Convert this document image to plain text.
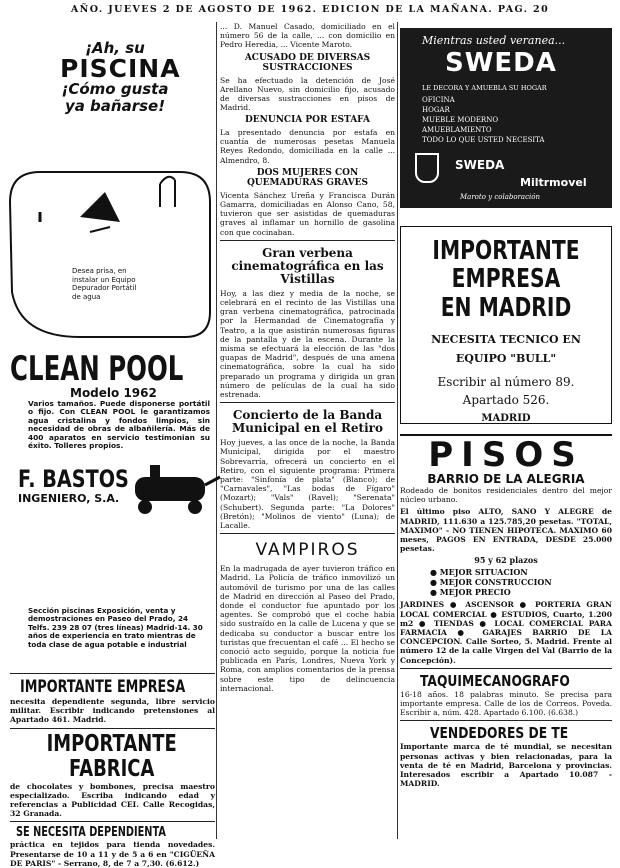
AÑO. JUEVES 2 DE AGOSTO DE 1962. EDICION DE LA MAÑANA. PAG. 20
¡Ah, su
PISCINA
¡Cómo gusta
ya bañarse!
Desea prisa, en instalar un Equipo Depurador Portátil de agua
CLEAN POOL
Modelo 1962
Varios tamaños. Puede disponerse portátil o fijo. Con CLEAN POOL le garantizamos agua cristalina y fondos limpios, sin necesidad de obras de albañilería. Más de 400 aparatos en servicio testimonian su éxito. Tolleres propios.
F. BASTOS
INGENIERO, S.A.
Sección piscinas Exposición, venta y demostraciones en Paseo del Prado, 24 Telfs. 239 28 07 (tres líneas) Madrid-14. 30 años de experiencia en trato mientras de toda clase de agua potable e industrial
IMPORTANTE EMPRESA
necesita dependiente segunda, libre servicio militar. Escribir indicando pretensiones al Apartado 461. Madrid.
IMPORTANTE FABRICA
de chocolates y bombones, precisa maestro especializado. Escriba indicando edad y referencias a Publicidad CEI. Calle Recogidas, 32 Granada.
SE NECESITA DEPENDIENTA
práctica en tejidos para tienda novedades. Presentarse de 10 a 11 y de 5 a 6 en "CIGÜEÑA DE PARIS" - Serrano, 8, de 7 a 7,30. (6.612.)
... D. Manuel Casado, domiciliado en el número 56 de la calle, ... con domicilio en Pedro Heredia, ... Vicente Maroto.
ACUSADO DE DIVERSAS SUSTRACCIONES
Se ha efectuado la detención de José Arellano Nuevo, sin domicilio fijo, acusado de diversas sustracciones en pisos de Madrid.
DENUNCIA POR ESTAFA
La presentado denuncia por estafa en cuantía de numerosas pesetas Manuela Reyes Redondo, domiciliada en la calle ... Almendro, 8.
DOS MUJERES CON QUEMADURAS GRAVES
Vicenta Sánchez Ureña y Francisca Durán Gamarra, domiciliadas en Alonso Cano, 58, tuvieron que ser asistidas de quemaduras graves al inflamar un hornillo de gasolina con que cocinaban.
Gran verbena cinematográfica en las Vistillas
Hoy, a las diez y media de la noche, se celebrará en el recinto de las Vistillas una gran verbena cinematográfica, patrocinada por la Hermandad de Cinematografía y Teatro, a la que asistirán numerosas figuras de la pantalla y de la escena. Durante la misma se efectuará la elección de las "dos guapas de Madrid", después de una amena cinematográfica, sobre la cual ha sido preparado un programa y dirigida un gran número de películas de la cual ha sido estrenada.
Concierto de la Banda Municipal en el Retiro
Hoy jueves, a las once de la noche, la Banda Municipal, dirigida por el maestro Sobrevarría, ofrecerá un concierto en el Retiro, con el siguiente programa: Primera parte: "Sinfonía de plata" (Blanco); de "Carnavales", "Las bodas de Fígaro" (Mozart); "Vals" (Ravel); "Serenata" (Schubert). Segunda parte: "La Dolores" (Bretón); "Molinos de viento" (Luna); de Lacalle.
VAMPIROS
En la madrugada de ayer tuvieron tráfico en Madrid. La Policía de tráfico inmovilizó un automóvil de turismo por una de las calles de Madrid en dirección al Paseo del Prado, donde el conductor fue apuntado por los agentes. Se comprobó que el coche había sido sustraído en la calle de Lucena y que se dedicaba su conductor a buscar entre los turistas que frecuentan el café ... El hecho se conoció acto seguido, porque la noticia fue publicada en París, Londres, Nueva York y Roma, con amplios comentarios de la prensa sobre este tipo de delincuencia internacional.
Mientras usted veranea...
SWEDA
LE DECORA Y AMUEBLA SU HOGAR
OFICINA
HOGAR
MUEBLE MODERNO
AMUEBLAMIENTO
TODO LO QUE USTED NECESITA
SWEDA
Miltrmovel
Maroto y colaboración
IMPORTANTE
EMPRESA
EN MADRID
NECESITA TECNICO EN
EQUIPO "BULL"
Escribir al número 89.
Apartado 526.
MADRID
PISOS
BARRIO DE LA ALEGRIA
Rodeado de bonitos residenciales dentro del mejor núcleo urbano.
El último piso ALTO, SANO Y ALEGRE de MADRID, 111.630 a 125.785,20 pesetas. "TOTAL, MAXIMO" - NO TIENEN HIPOTECA. MAXIMO 60 meses, PAGOS EN ENTRADA, DESDE 25.000 pesetas.
95 y 62 plazos
● MEJOR SITUACION
● MEJOR CONSTRUCCION
● MEJOR PRECIO
JARDINES ● ASCENSOR ● PORTERIA GRAN LOCAL COMERCIAL ● ESTUDIOS, Cuarto, 1.200 m2 ● TIENDAS ● LOCAL COMERCIAL PARA FARMACIA ● GARAJES BARRIO DE LA CONCEPCION. Calle Sorteo, 5. Madrid. Frente al número 12 de la calle Virgen del Val (Barrio de la Concepción).
TAQUIMECANOGRAFO
16-18 años. 18 palabras minuto. Se precisa para importante empresa. Calle de los de Correos. Poveda. Escribir a, núm. 428. Apartado 6.100. (6.638.)
VENDEDORES DE TE
Importante marca de té mundial, se necesitan personas activas y bien relacionadas, para la venta de té en Madrid, Barcelona y provincias. Interesados escribir a Apartado 10.087 - MADRID.
